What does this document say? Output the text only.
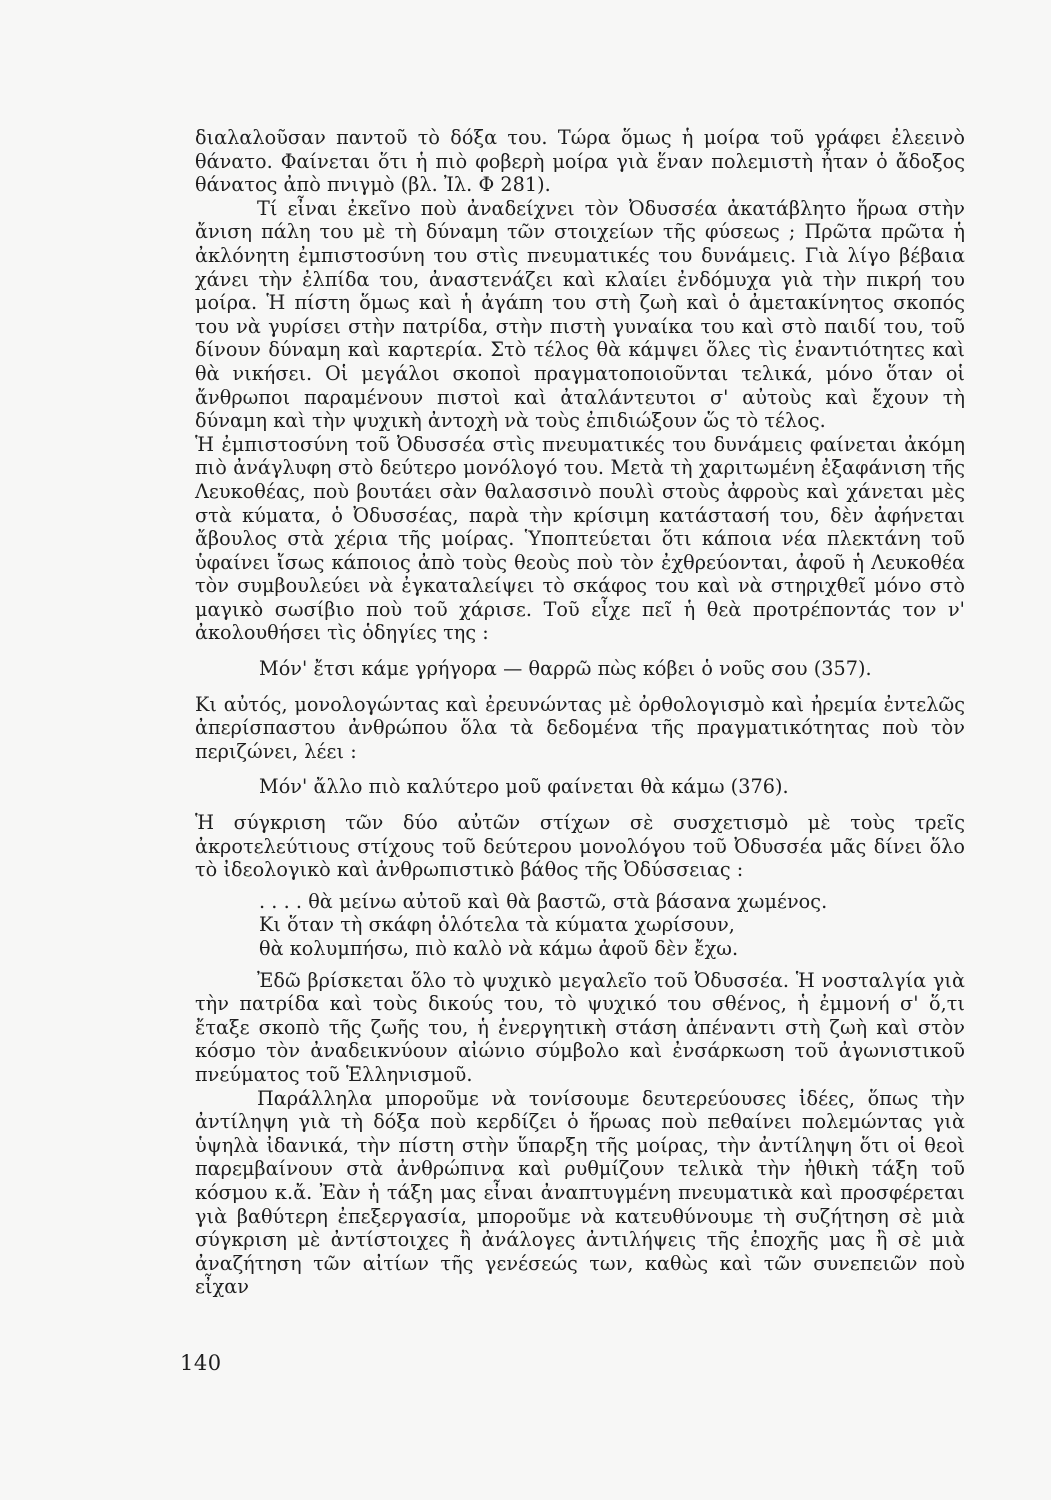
διαλαλοῦσαν παντοῦ τὸ δόξα του. Τώρα ὅμως ἡ μοίρα τοῦ γράφει ἐλεεινὸ θάνατο. Φαίνεται ὅτι ἡ πιὸ φοβερὴ μοίρα γιὰ ἕναν πολεμιστὴ ἦταν ὁ ἄδοξος θάνατος ἀπὸ πνιγμὸ (βλ. Ἰλ. Φ 281).

Τί εἶναι ἐκεῖνο ποὺ ἀναδείχνει τὸν Ὀδυσσέα ἀκατάβλητο ἥρωα στὴν ἄνιση πάλη του μὲ τὴ δύναμη τῶν στοιχείων τῆς φύσεως ; Πρῶτα πρῶτα ἡ ἀκλόνητη ἐμπιστοσύνη του στὶς πνευματικές του δυνάμεις. Γιὰ λίγο βέβαια χάνει τὴν ἐλπίδα του, ἀναστενάζει καὶ κλαίει ἐνδόμυχα γιὰ τὴν πικρή του μοίρα. Ἡ πίστη ὅμως καὶ ἡ ἀγάπη του στὴ ζωὴ καὶ ὁ ἀμετακίνητος σκοπός του νὰ γυρίσει στὴν πατρίδα, στὴν πιστὴ γυναίκα του καὶ στὸ παιδί του, τοῦ δίνουν δύναμη καὶ καρτερία. Στὸ τέλος θὰ κάμψει ὅλες τὶς ἐναντιότητες καὶ θὰ νικήσει. Οἱ μεγάλοι σκοποὶ πραγματοποιοῦνται τελικά, μόνο ὅταν οἱ ἄνθρωποι παραμένουν πιστοὶ καὶ ἀταλάντευτοι σ' αὐτοὺς καὶ ἔχουν τὴ δύναμη καὶ τὴν ψυχικὴ ἀντοχὴ νὰ τοὺς ἐπιδιώξουν ὥς τὸ τέλος.

Ἡ ἐμπιστοσύνη τοῦ Ὀδυσσέα στὶς πνευματικές του δυνάμεις φαίνεται ἀκόμη πιὸ ἀνάγλυφη στὸ δεύτερο μονόλογό του. Μετὰ τὴ χαριτωμένη ἐξαφάνιση τῆς Λευκοθέας, ποὺ βουτάει σὰν θαλασσινὸ πουλὶ στοὺς ἀφροὺς καὶ χάνεται μὲς στὰ κύματα, ὁ Ὀδυσσέας, παρὰ τὴν κρίσιμη κατάστασή του, δὲν ἀφήνεται ἄβουλος στὰ χέρια τῆς μοίρας. Ὑποπτεύεται ὅτι κάποια νέα πλεκτάνη τοῦ ὑφαίνει ἴσως κάποιος ἀπὸ τοὺς θεοὺς ποὺ τὸν ἐχθρεύονται, ἀφοῦ ἡ Λευκοθέα τὸν συμβουλεύει νὰ ἐγκαταλείψει τὸ σκάφος του καὶ νὰ στηριχθεῖ μόνο στὸ μαγικὸ σωσίβιο ποὺ τοῦ χάρισε. Τοῦ εἶχε πεῖ ἡ θεὰ προτρέποντάς τον ν' ἀκολουθήσει τὶς ὁδηγίες της :

Μόν' ἔτσι κάμε γρήγορα — θαρρῶ πὼς κόβει ὁ νοῦς σου (357).

Κι αὐτός, μονολογώντας καὶ ἐρευνώντας μὲ ὀρθολογισμὸ καὶ ἠρεμία ἐντελῶς ἀπερίσπαστου ἀνθρώπου ὅλα τὰ δεδομένα τῆς πραγματικότητας ποὺ τὸν περιζώνει, λέει :

Μόν' ἄλλο πιὸ καλύτερο μοῦ φαίνεται θὰ κάμω (376).

Ἡ σύγκριση τῶν δύο αὐτῶν στίχων σὲ συσχετισμὸ μὲ τοὺς τρεῖς ἀκροτελεύτιους στίχους τοῦ δεύτερου μονολόγου τοῦ Ὀδυσσέα μᾶς δίνει ὅλο τὸ ἰδεολογικὸ καὶ ἀνθρωπιστικὸ βάθος τῆς Ὀδύσσειας :

. . . . θὰ μείνω αὐτοῦ καὶ θὰ βαστῶ, στὰ βάσανα χωμένος.
Κι ὅταν τὴ σκάφη ὁλότελα τὰ κύματα χωρίσουν,
θὰ κολυμπήσω, πιὸ καλὸ νὰ κάμω ἀφοῦ δὲν ἔχω.

Ἐδῶ βρίσκεται ὅλο τὸ ψυχικὸ μεγαλεῖο τοῦ Ὀδυσσέα. Ἡ νοσταλγία γιὰ τὴν πατρίδα καὶ τοὺς δικούς του, τὸ ψυχικό του σθένος, ἡ ἐμμονή σ' ὅ,τι ἔταξε σκοπὸ τῆς ζωῆς του, ἡ ἐνεργητικὴ στάση ἀπέναντι στὴ ζωὴ καὶ στὸν κόσμο τὸν ἀναδεικνύουν αἰώνιο σύμβολο καὶ ἐνσάρκωση τοῦ ἀγωνιστικοῦ πνεύματος τοῦ Ἑλληνισμοῦ.

Παράλληλα μποροῦμε νὰ τονίσουμε δευτερεύουσες ἰδέες, ὅπως τὴν ἀντίληψη γιὰ τὴ δόξα ποὺ κερδίζει ὁ ἥρωας ποὺ πεθαίνει πολεμώντας γιὰ ὑψηλὰ ἰδανικά, τὴν πίστη στὴν ὕπαρξη τῆς μοίρας, τὴν ἀντίληψη ὅτι οἱ θεοὶ παρεμβαίνουν στὰ ἀνθρώπινα καὶ ρυθμίζουν τελικὰ τὴν ἠθικὴ τάξη τοῦ κόσμου κ.ἄ. Ἐὰν ἡ τάξη μας εἶναι ἀναπτυγμένη πνευματικὰ καὶ προσφέρεται γιὰ βαθύτερη ἐπεξεργασία, μποροῦμε νὰ κατευθύνουμε τὴ συζήτηση σὲ μιὰ σύγκριση μὲ ἀντίστοιχες ἢ ἀνάλογες ἀντιλήψεις τῆς ἐποχῆς μας ἢ σὲ μιὰ ἀναζήτηση τῶν αἰτίων τῆς γενέσεώς των, καθὼς καὶ τῶν συνεπειῶν ποὺ εἶχαν

140
